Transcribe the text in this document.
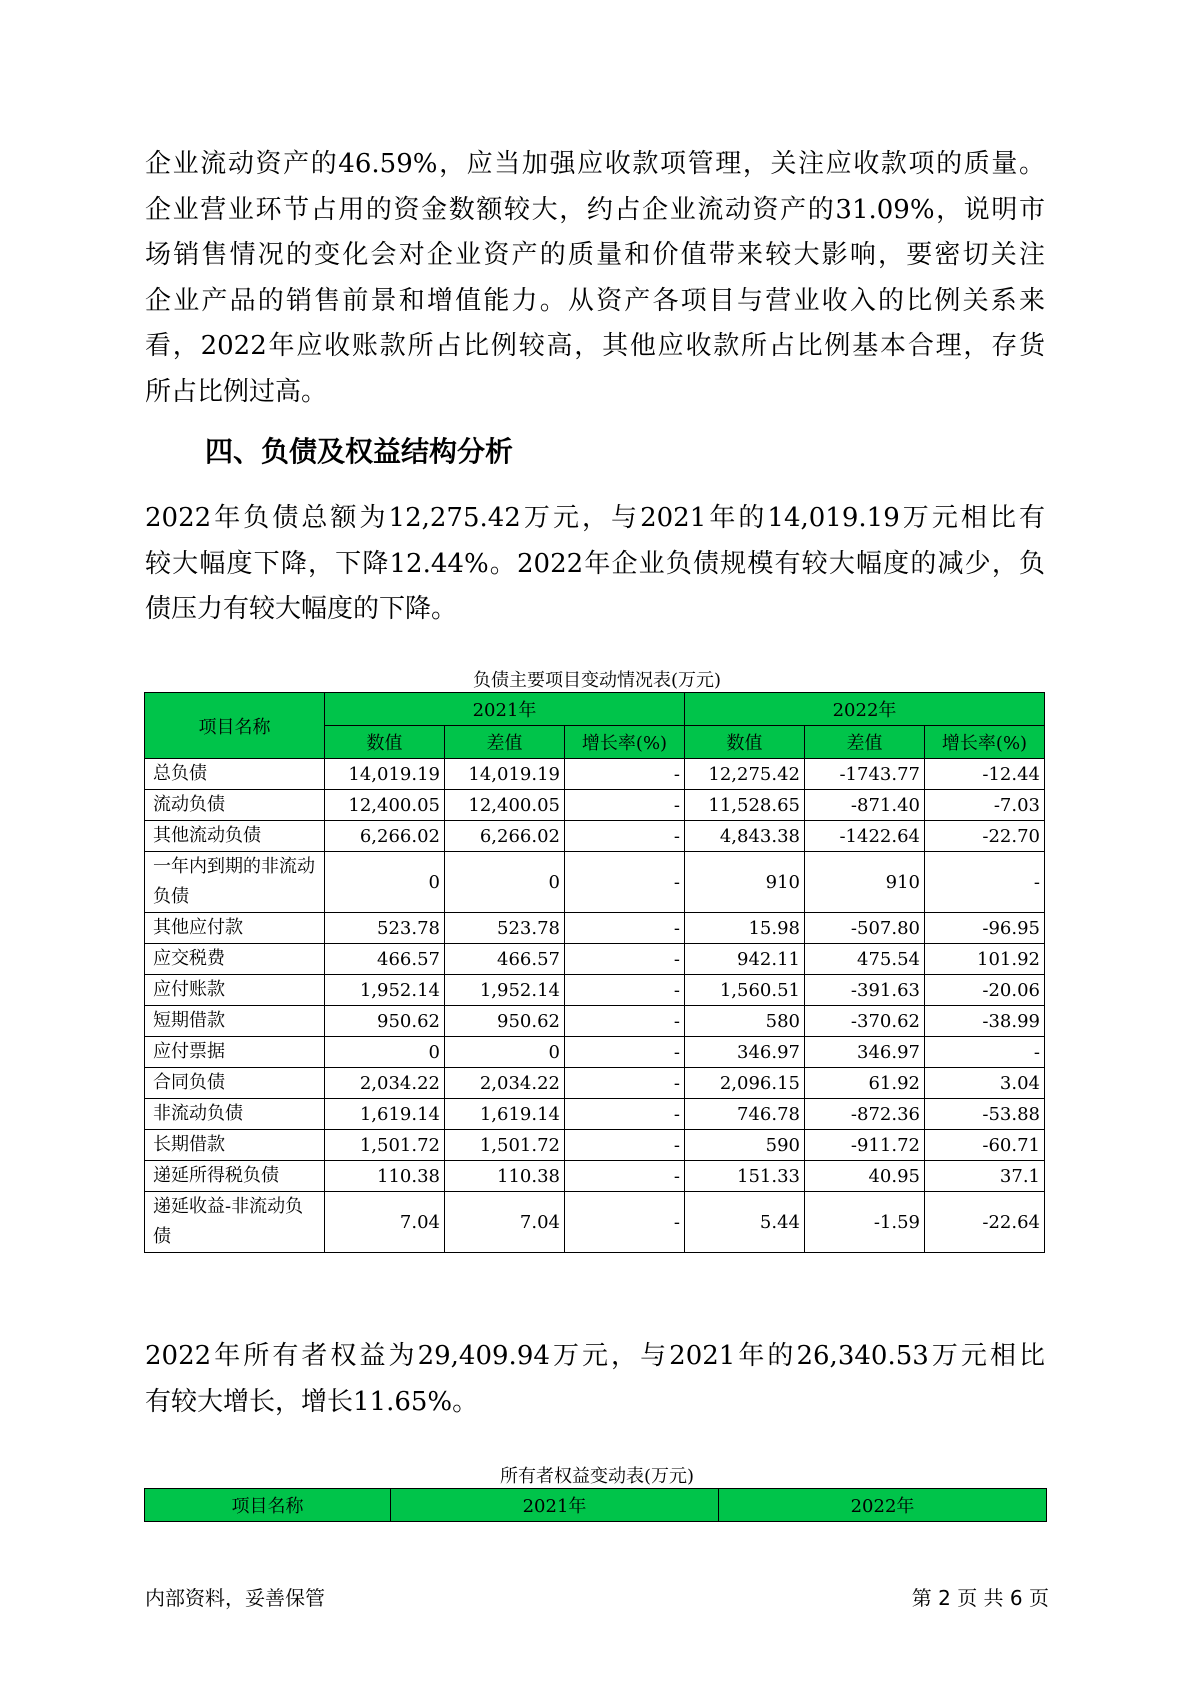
企业流动资产的46.59%，应当加强应收款项管理，关注应收款项的质量。
企业营业环节占用的资金数额较大，约占企业流动资产的31.09%，说明市
场销售情况的变化会对企业资产的质量和价值带来较大影响，要密切关注
企业产品的销售前景和增值能力。从资产各项目与营业收入的比例关系来
看，2022年应收账款所占比例较高，其他应收款所占比例基本合理，存货
所占比例过高。
四、负债及权益结构分析
2022年负债总额为12,275.42万元，与2021年的14,019.19万元相比有
较大幅度下降，下降12.44%。2022年企业负债规模有较大幅度的减少，负
债压力有较大幅度的下降。
负债主要项目变动情况表(万元)
项目名称	2021年			2022年		
	数值	差值	增长率(%)	数值	差值	增长率(%)
总负债	14,019.19	14,019.19	-	12,275.42	-1743.77	-12.44
流动负债	12,400.05	12,400.05	-	11,528.65	-871.40	-7.03
其他流动负债	6,266.02	6,266.02	-	4,843.38	-1422.64	-22.70
一年内到期的非流动负债	0	0	-	910	910	-
其他应付款	523.78	523.78	-	15.98	-507.80	-96.95
应交税费	466.57	466.57	-	942.11	475.54	101.92
应付账款	1,952.14	1,952.14	-	1,560.51	-391.63	-20.06
短期借款	950.62	950.62	-	580	-370.62	-38.99
应付票据	0	0	-	346.97	346.97	-
合同负债	2,034.22	2,034.22	-	2,096.15	61.92	3.04
非流动负债	1,619.14	1,619.14	-	746.78	-872.36	-53.88
长期借款	1,501.72	1,501.72	-	590	-911.72	-60.71
递延所得税负债	110.38	110.38	-	151.33	40.95	37.1
递延收益-非流动负债	7.04	7.04	-	5.44	-1.59	-22.64
2022年所有者权益为29,409.94万元，与2021年的26,340.53万元相比
有较大增长，增长11.65%。
所有者权益变动表(万元)
项目名称	2021年	2022年
内部资料，妥善保管	第 2 页 共 6 页
